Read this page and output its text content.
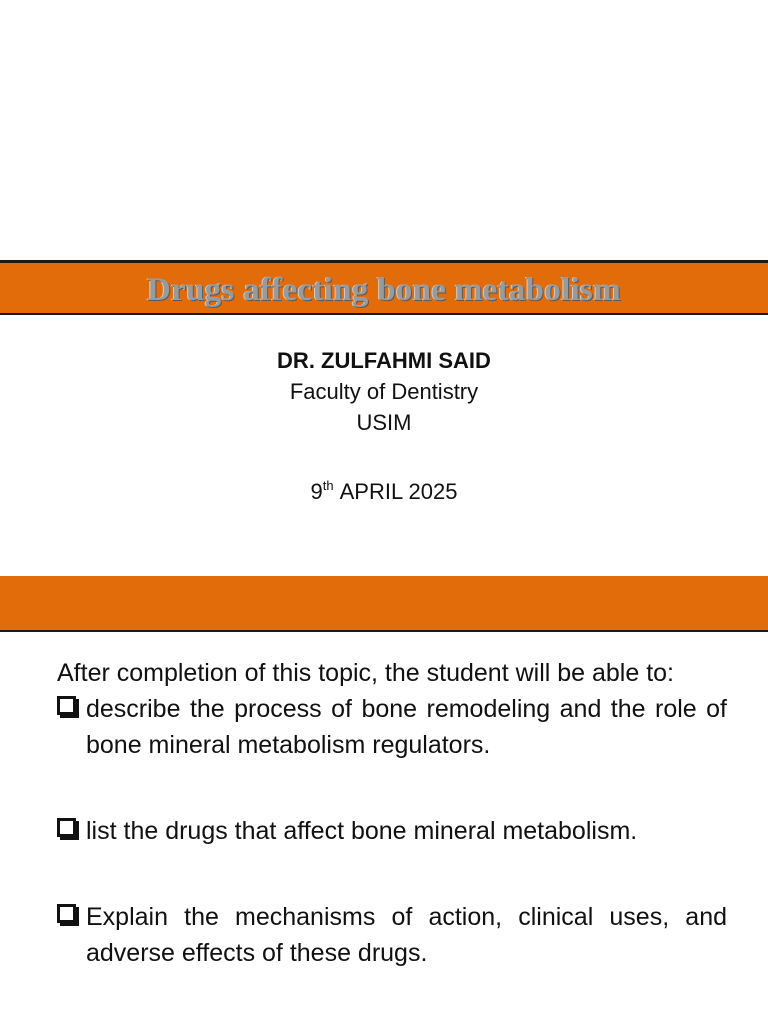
Drugs affecting bone metabolism
DR. ZULFAHMI SAID
Faculty of Dentistry
USIM
9th APRIL 2025

After completion of this topic, the student will be able to:

describe the process of bone remodeling and the role of bone mineral metabolism regulators.
list the drugs that affect bone mineral metabolism.
Explain the mechanisms of action, clinical uses, and adverse effects of these drugs.
